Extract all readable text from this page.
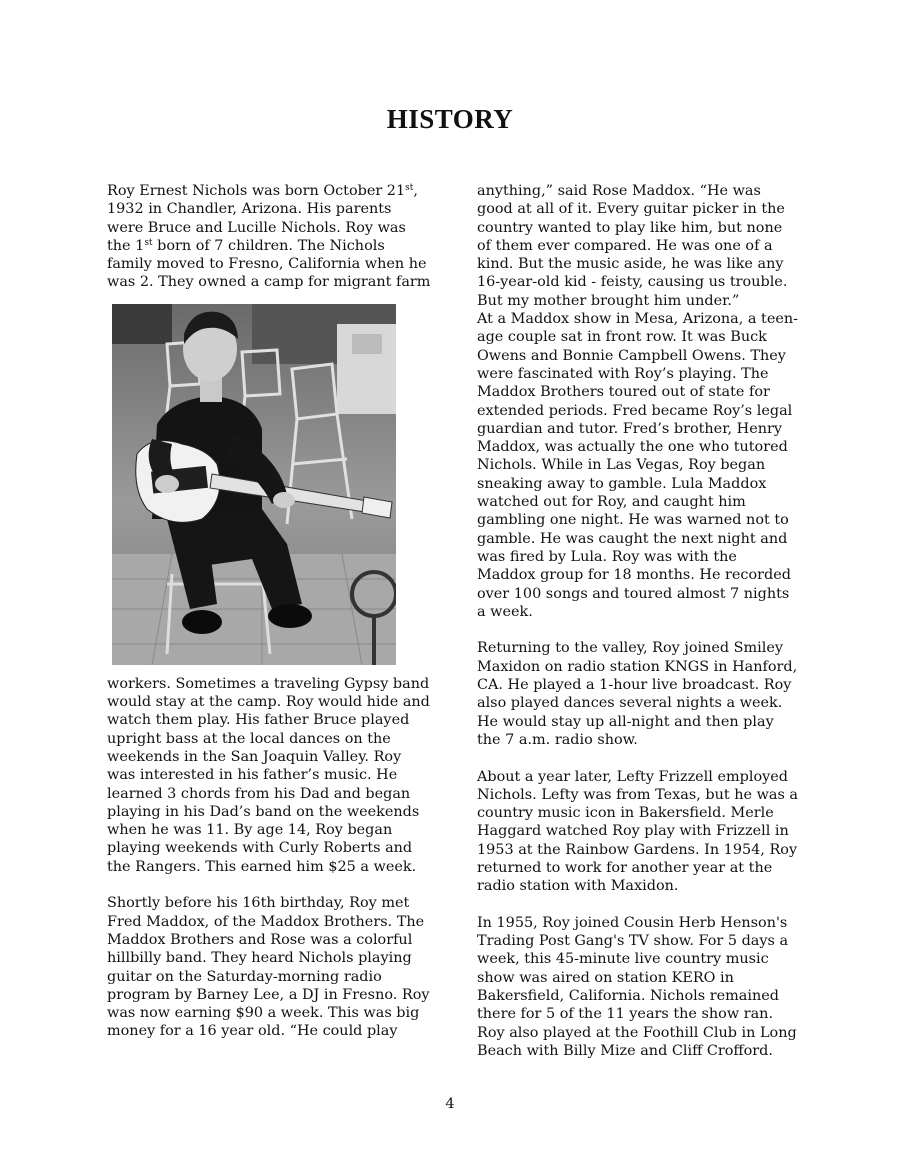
HISTORY

Roy Ernest Nichols was born October 21st, 1932 in Chandler, Arizona. His parents were Bruce and Lucille Nichols. Roy was the 1st born of 7 children. The Nichols family moved to Fresno, California when he was 2. They owned a camp for migrant farm

workers. Sometimes a traveling Gypsy band would stay at the camp. Roy would hide and watch them play. His father Bruce played upright bass at the local dances on the weekends in the San Joaquin Valley. Roy was interested in his father’s music. He learned 3 chords from his Dad and began playing in his Dad’s band on the weekends when he was 11. By age 14, Roy began playing weekends with Curly Roberts and the Rangers. This earned him $25 a week.

Shortly before his 16th birthday, Roy met Fred Maddox, of the Maddox Brothers. The Maddox Brothers and Rose was a colorful hillbilly band. They heard Nichols playing guitar on the Saturday-morning radio program by Barney Lee, a DJ in Fresno. Roy was now earning $90 a week. This was big money for a 16 year old. “He could play

anything,” said Rose Maddox. “He was good at all of it. Every guitar picker in the country wanted to play like him, but none of them ever compared. He was one of a kind. But the music aside, he was like any 16-year-old kid - feisty, causing us trouble. But my mother brought him under.”

At a Maddox show in Mesa, Arizona, a teen-age couple sat in front row. It was Buck Owens and Bonnie Campbell Owens. They were fascinated with Roy’s playing. The Maddox Brothers toured out of state for extended periods. Fred became Roy’s legal guardian and tutor. Fred’s brother, Henry Maddox, was actually the one who tutored Nichols. While in Las Vegas, Roy began sneaking away to gamble. Lula Maddox watched out for Roy, and caught him gambling one night. He was warned not to gamble. He was caught the next night and was fired by Lula. Roy was with the Maddox group for 18 months. He recorded over 100 songs and toured almost 7 nights a week.

Returning to the valley, Roy joined Smiley Maxidon on radio station KNGS in Hanford, CA. He played a 1-hour live broadcast. Roy also played dances several nights a week. He would stay up all-night and then play the 7 a.m. radio show.

About a year later, Lefty Frizzell employed Nichols. Lefty was from Texas, but he was a country music icon in Bakersfield. Merle Haggard watched Roy play with Frizzell in 1953 at the Rainbow Gardens. In 1954, Roy returned to work for another year at the radio station with Maxidon.

In 1955, Roy joined Cousin Herb Henson's Trading Post Gang's TV show. For 5 days a week, this 45-minute live country music show was aired on station KERO in Bakersfield, California. Nichols remained there for 5 of the 11 years the show ran. Roy also played at the Foothill Club in Long Beach with Billy Mize and Cliff Crofford.

4
